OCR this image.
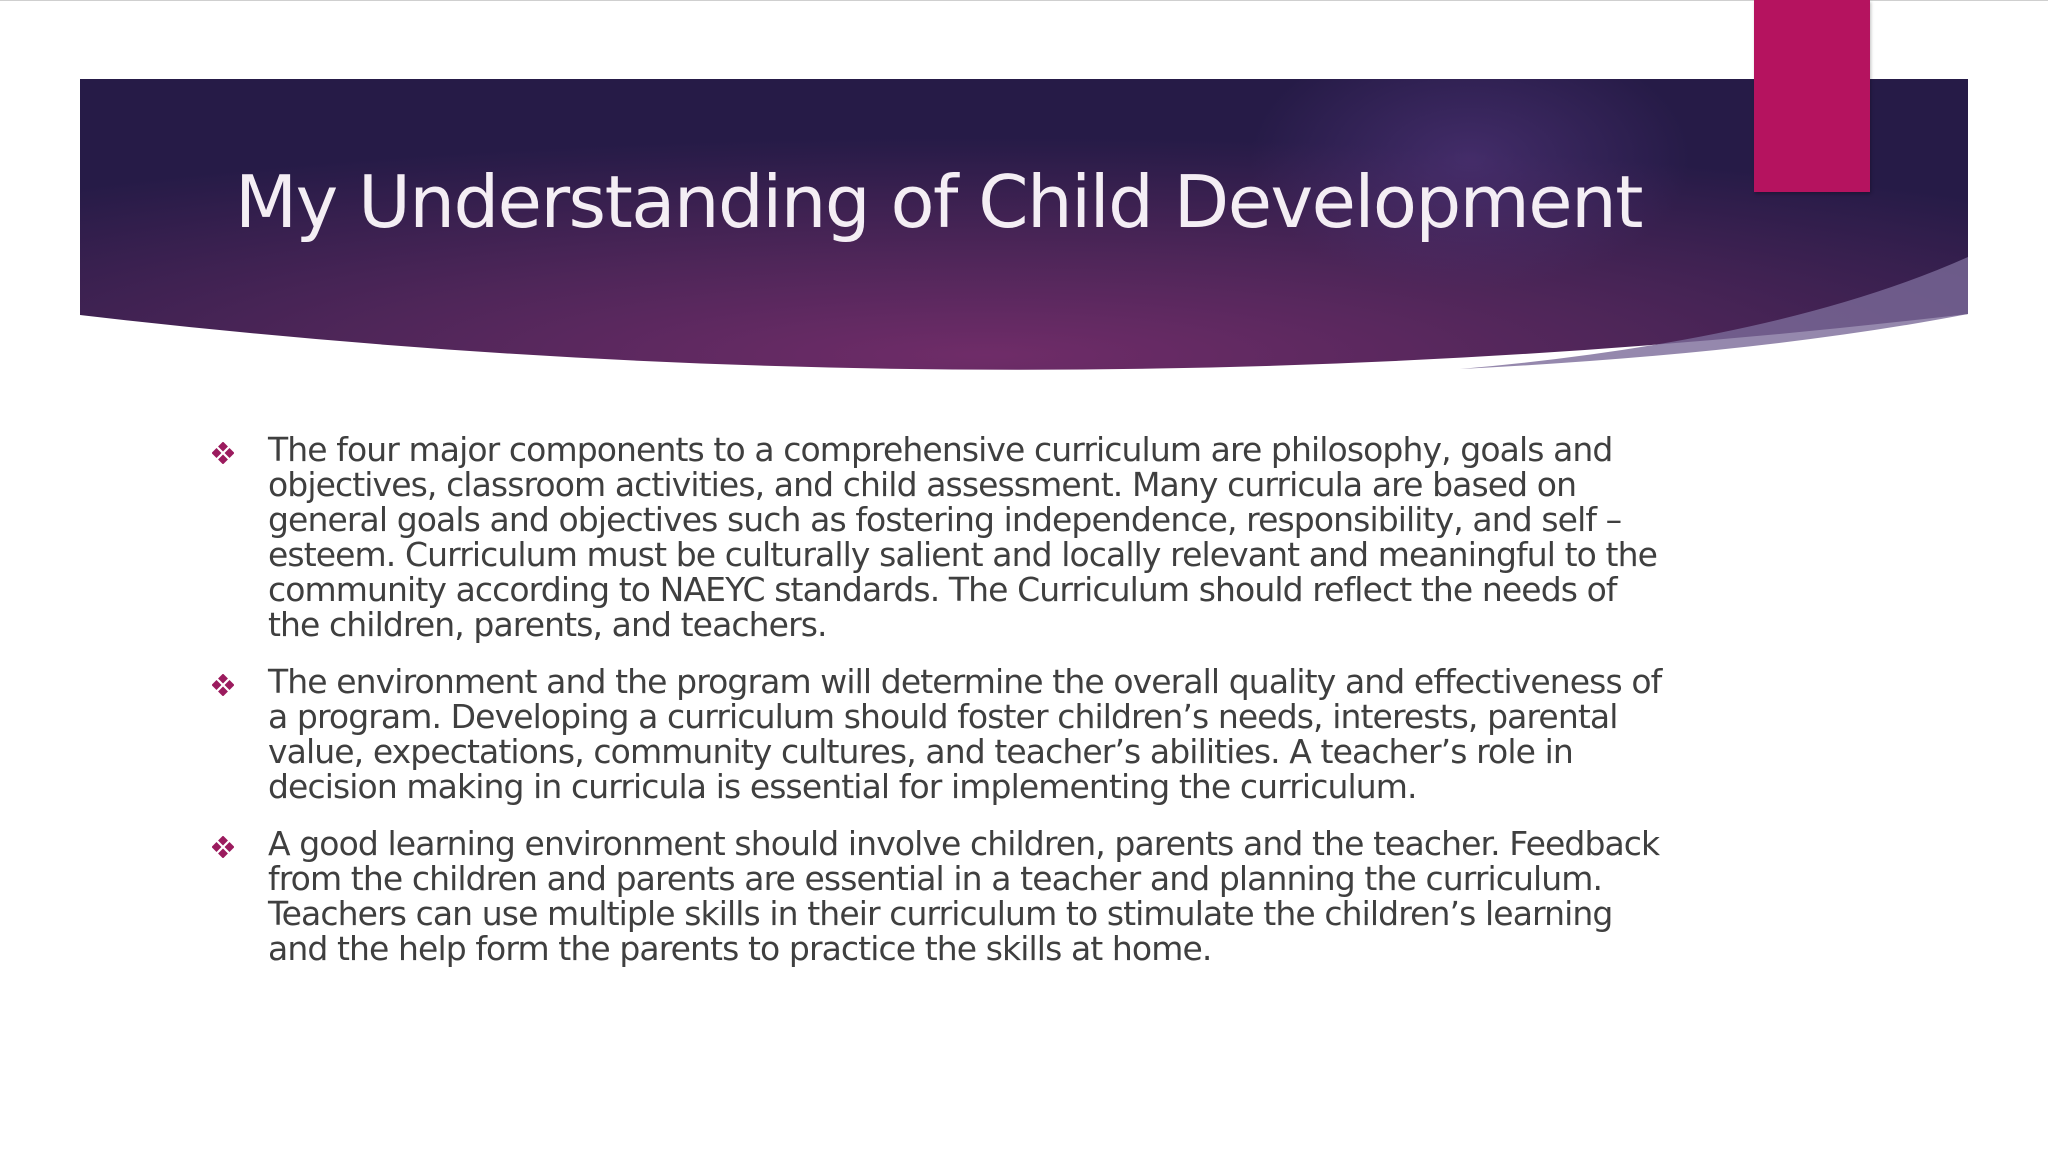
My Understanding of Child Development
The four major components to a comprehensive curriculum are philosophy, goals and objectives, classroom activities, and child assessment. Many curricula are based on general goals and objectives such as fostering independence, responsibility, and self – esteem. Curriculum must be culturally salient and locally relevant and meaningful to the community according to NAEYC standards. The Curriculum should reflect the needs of the children, parents, and teachers.
The environment and the program will determine the overall quality and effectiveness of a program. Developing a curriculum should foster children’s needs, interests, parental value, expectations, community cultures, and teacher’s abilities. A teacher’s role in decision making in curricula is essential for implementing the curriculum.
A good learning environment should involve children, parents and the teacher. Feedback from the children and parents are essential in a teacher and planning the curriculum. Teachers can use multiple skills in their curriculum to stimulate the children’s learning and the help form the parents to practice the skills at home.
